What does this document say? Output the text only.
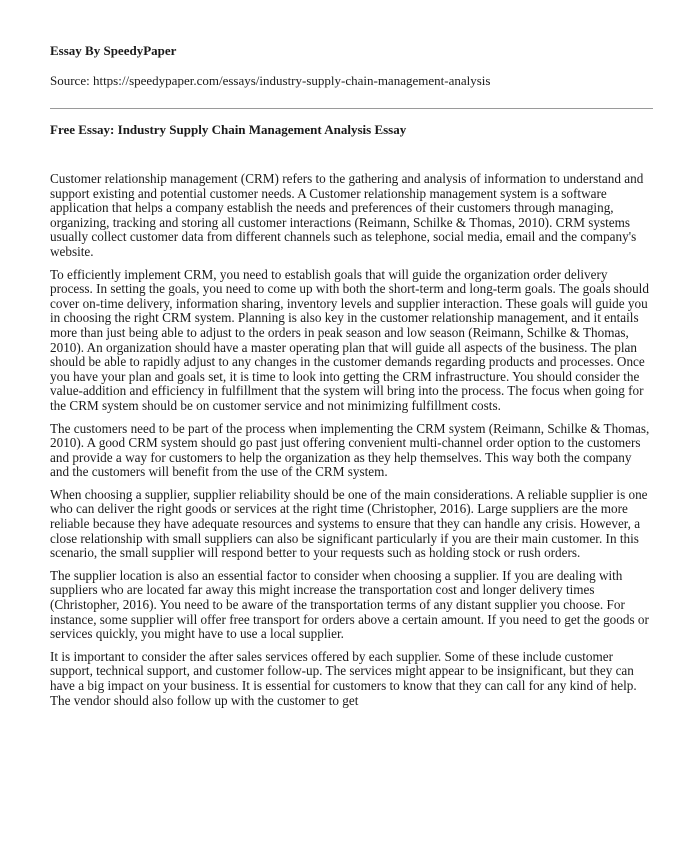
Essay By SpeedyPaper
Source: https://speedypaper.com/essays/industry-supply-chain-management-analysis
Free Essay: Industry Supply Chain Management Analysis Essay

Customer relationship management (CRM) refers to the gathering and analysis of information to understand and support existing and potential customer needs. A Customer relationship management system is a software application that helps a company establish the needs and preferences of their customers through managing, organizing, tracking and storing all customer interactions (Reimann, Schilke & Thomas, 2010). CRM systems usually collect customer data from different channels such as telephone, social media, email and the company's website.

To efficiently implement CRM, you need to establish goals that will guide the organization order delivery process. In setting the goals, you need to come up with both the short-term and long-term goals. The goals should cover on-time delivery, information sharing, inventory levels and supplier interaction. These goals will guide you in choosing the right CRM system. Planning is also key in the customer relationship management, and it entails more than just being able to adjust to the orders in peak season and low season (Reimann, Schilke & Thomas, 2010). An organization should have a master operating plan that will guide all aspects of the business. The plan should be able to rapidly adjust to any changes in the customer demands regarding products and processes. Once you have your plan and goals set, it is time to look into getting the CRM infrastructure. You should consider the value-addition and efficiency in fulfillment that the system will bring into the process. The focus when going for the CRM system should be on customer service and not minimizing fulfillment costs.

The customers need to be part of the process when implementing the CRM system (Reimann, Schilke & Thomas, 2010). A good CRM system should go past just offering convenient multi-channel order option to the customers and provide a way for customers to help the organization as they help themselves. This way both the company and the customers will benefit from the use of the CRM system.

When choosing a supplier, supplier reliability should be one of the main considerations. A reliable supplier is one who can deliver the right goods or services at the right time (Christopher, 2016). Large suppliers are the more reliable because they have adequate resources and systems to ensure that they can handle any crisis. However, a close relationship with small suppliers can also be significant particularly if you are their main customer. In this scenario, the small supplier will respond better to your requests such as holding stock or rush orders.

The supplier location is also an essential factor to consider when choosing a supplier. If you are dealing with suppliers who are located far away this might increase the transportation cost and longer delivery times (Christopher, 2016). You need to be aware of the transportation terms of any distant supplier you choose. For instance, some supplier will offer free transport for orders above a certain amount. If you need to get the goods or services quickly, you might have to use a local supplier.

It is important to consider the after sales services offered by each supplier. Some of these include customer support, technical support, and customer follow-up. The services might appear to be insignificant, but they can have a big impact on your business. It is essential for customers to know that they can call for any kind of help. The vendor should also follow up with the customer to get
